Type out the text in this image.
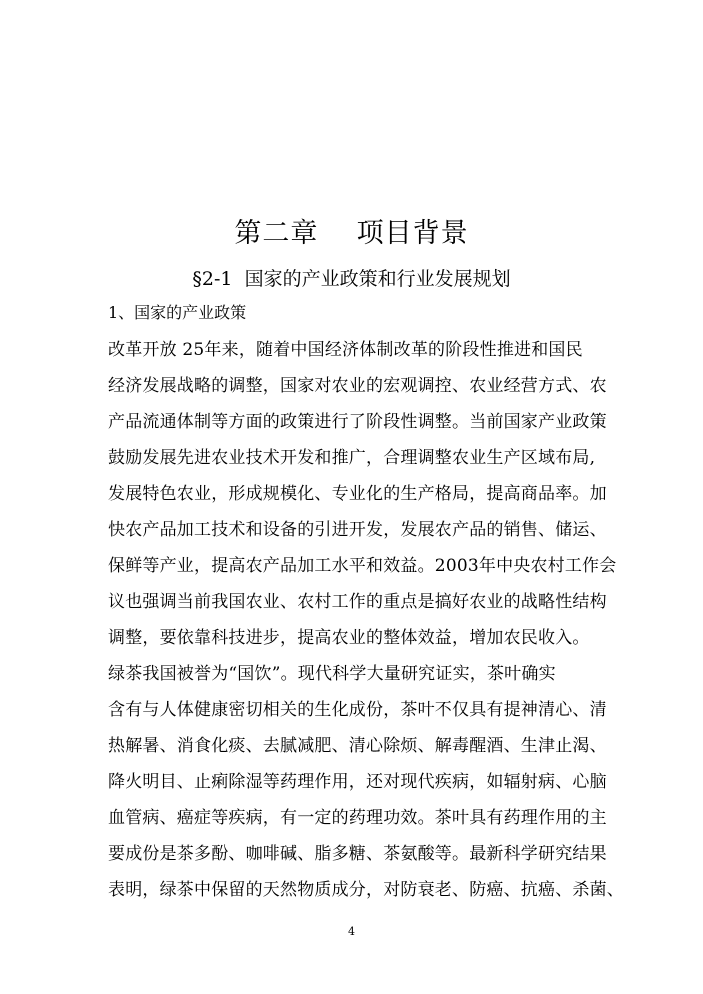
第二章    项目背景
§2-1  国家的产业政策和行业发展规划
1、国家的产业政策
改革开放 25年来，随着中国经济体制改革的阶段性推进和国民
经济发展战略的调整，国家对农业的宏观调控、农业经营方式、农
产品流通体制等方面的政策进行了阶段性调整。当前国家产业政策
鼓励发展先进农业技术开发和推广，合理调整农业生产区域布局,
发展特色农业，形成规模化、专业化的生产格局，提高商品率。加
快农产品加工技术和设备的引进开发，发展农产品的销售、储运、
保鲜等产业，提高农产品加工水平和效益。2003年中央农村工作会
议也强调当前我国农业、农村工作的重点是搞好农业的战略性结构
调整，要依靠科技进步，提高农业的整体效益，增加农民收入。
绿茶我国被誉为“国饮”。现代科学大量研究证实，茶叶确实
含有与人体健康密切相关的生化成份，茶叶不仅具有提神清心、清
热解暑、消食化痰、去腻减肥、清心除烦、解毒醒酒、生津止渴、
降火明目、止痢除湿等药理作用，还对现代疾病，如辐射病、心脑
血管病、癌症等疾病，有一定的药理功效。茶叶具有药理作用的主
要成份是茶多酚、咖啡碱、脂多糖、茶氨酸等。最新科学研究结果
表明，绿茶中保留的天然物质成分，对防衰老、防癌、抗癌、杀菌、
4
